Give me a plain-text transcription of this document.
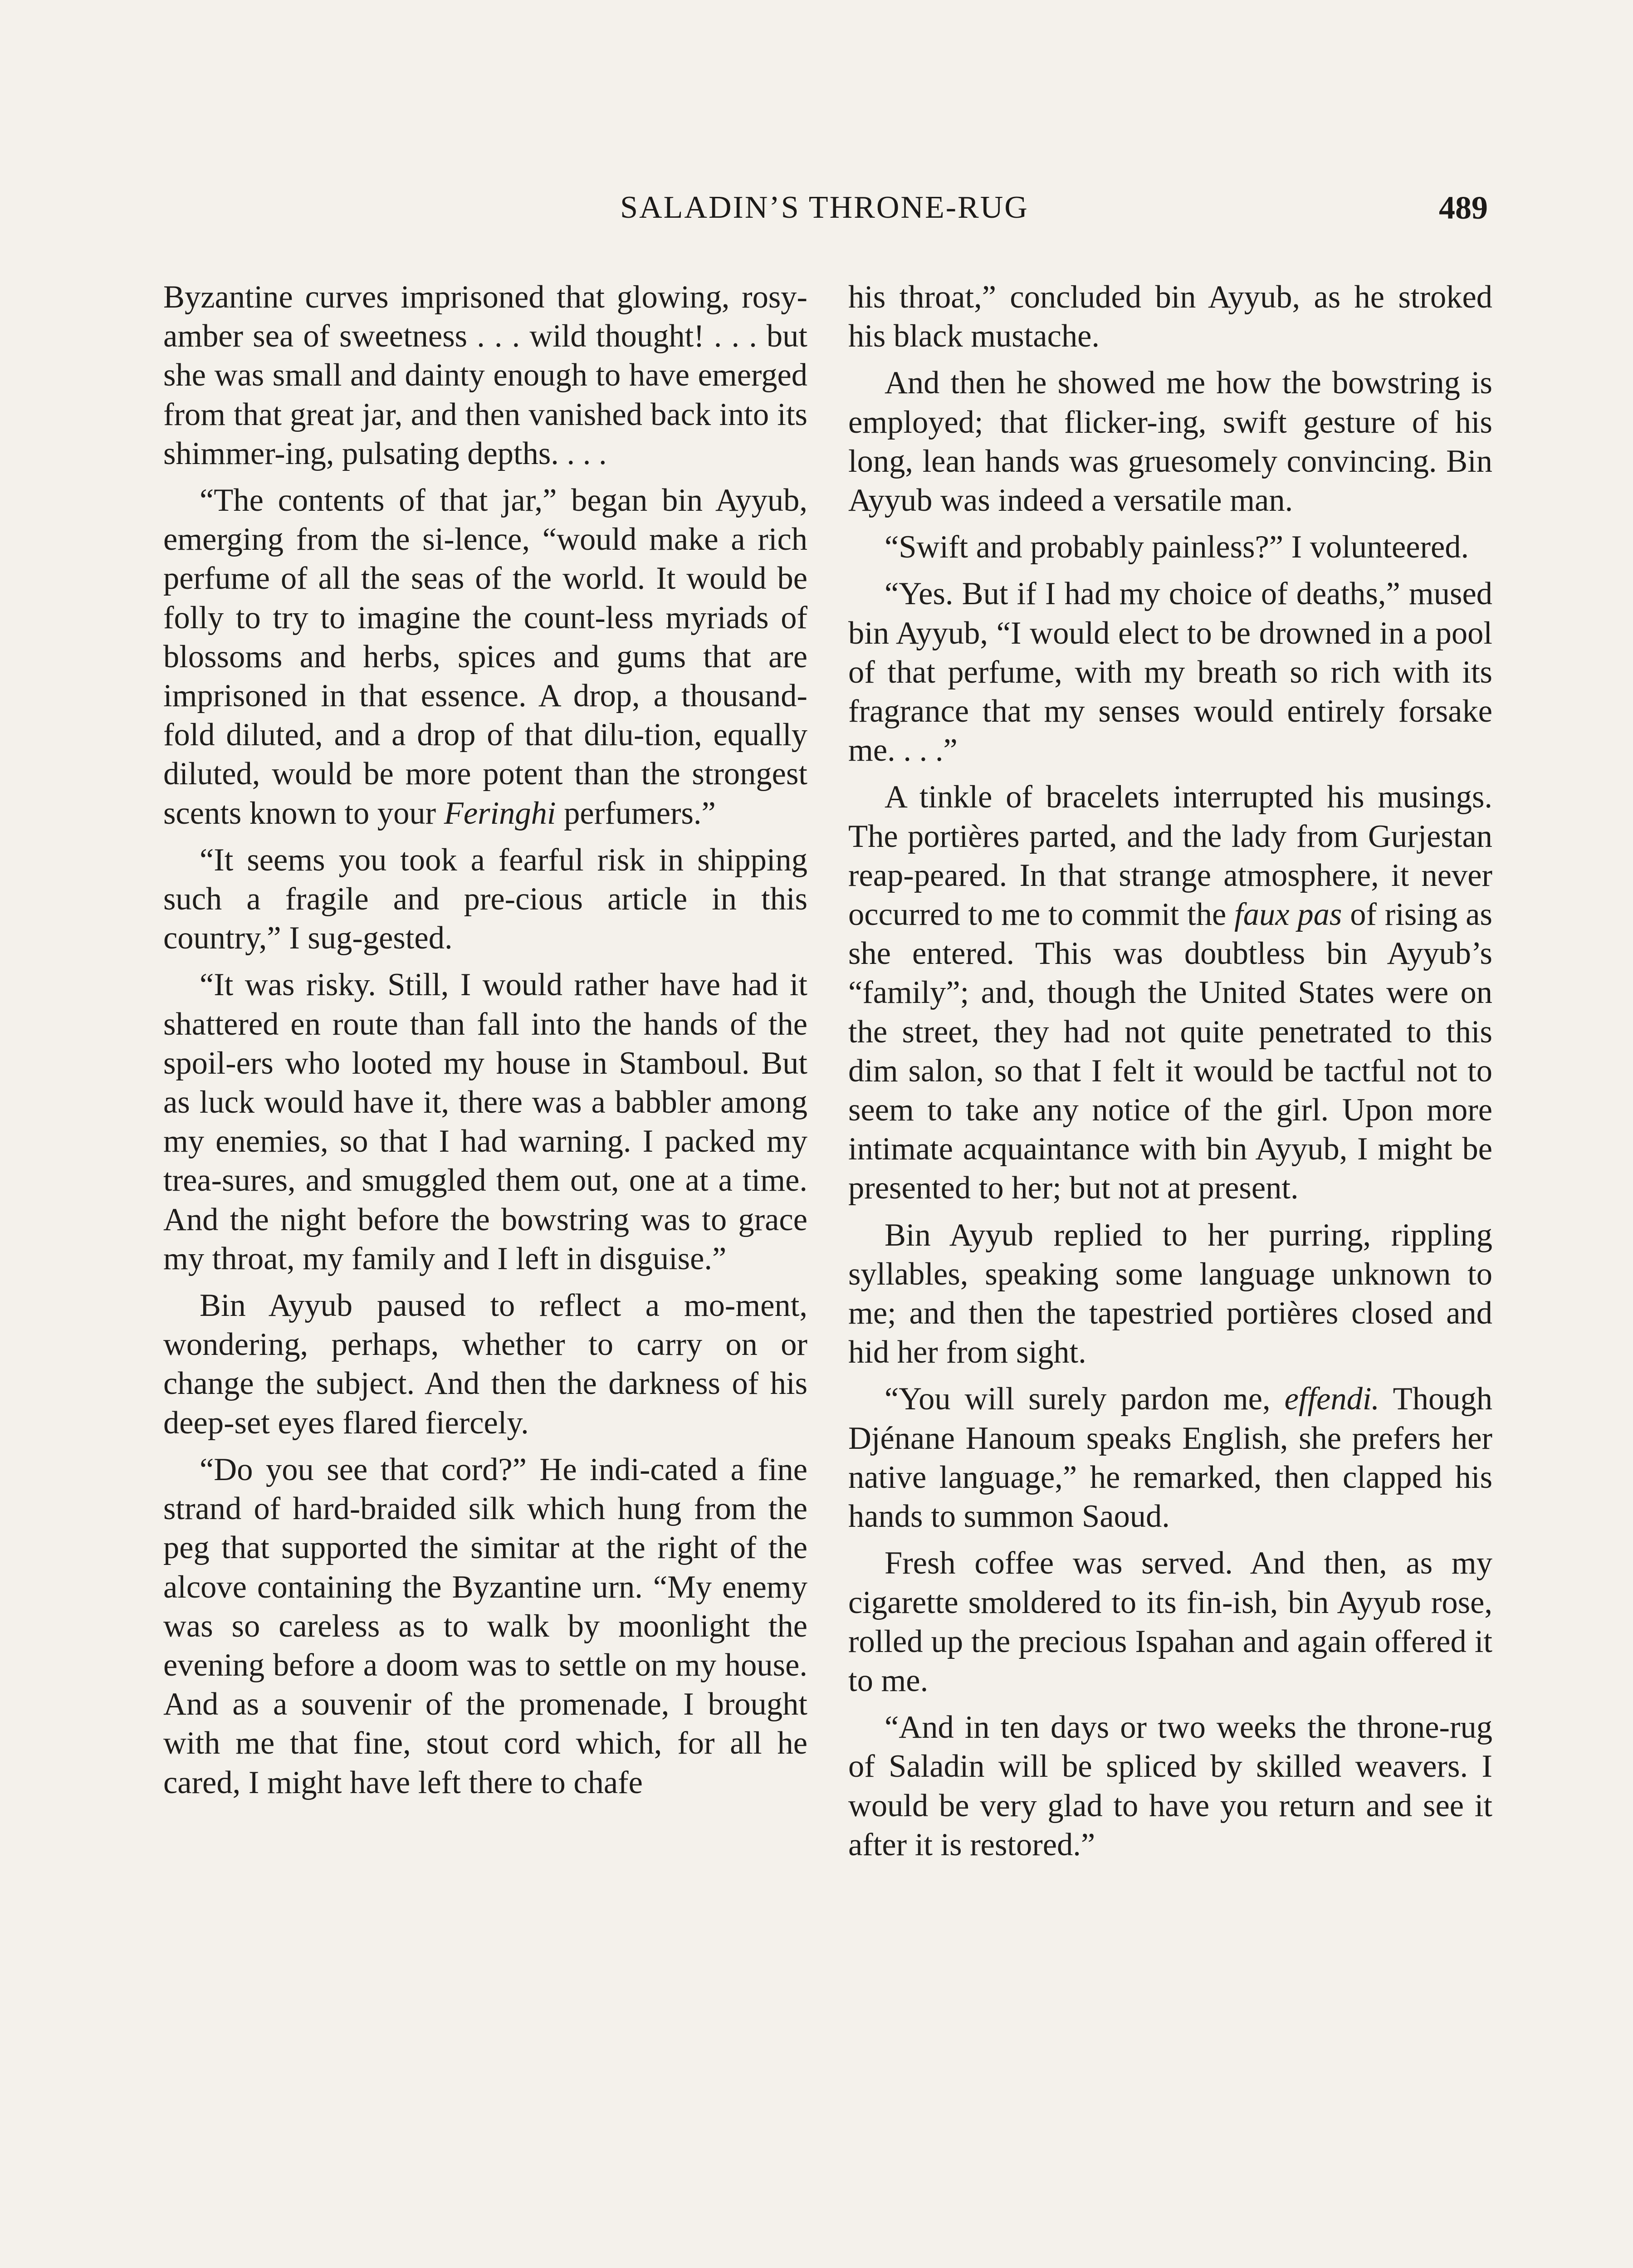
SALADIN’S THRONE-RUG	489

Byzantine curves imprisoned that glowing, rosy-amber sea of sweetness . . . wild thought! . . . but she was small and dainty enough to have emerged from that great jar, and then vanished back into its shimmer-ing, pulsating depths. . . .

“The contents of that jar,” began bin Ayyub, emerging from the si-lence, “would make a rich perfume of all the seas of the world. It would be folly to try to imagine the count-less myriads of blossoms and herbs, spices and gums that are imprisoned in that essence. A drop, a thousand-fold diluted, and a drop of that dilu-tion, equally diluted, would be more potent than the strongest scents known to your Feringhi perfumers.”

“It seems you took a fearful risk in shipping such a fragile and pre-cious article in this country,” I sug-gested.

“It was risky. Still, I would rather have had it shattered en route than fall into the hands of the spoil-ers who looted my house in Stamboul. But as luck would have it, there was a babbler among my enemies, so that I had warning. I packed my trea-sures, and smuggled them out, one at a time. And the night before the bowstring was to grace my throat, my family and I left in disguise.”

Bin Ayyub paused to reflect a mo-ment, wondering, perhaps, whether to carry on or change the subject. And then the darkness of his deep-set eyes flared fiercely.

“Do you see that cord?” He indi-cated a fine strand of hard-braided silk which hung from the peg that supported the simitar at the right of the alcove containing the Byzantine urn. “My enemy was so careless as to walk by moonlight the evening before a doom was to settle on my house. And as a souvenir of the promenade, I brought with me that fine, stout cord which, for all he cared, I might have left there to chafe

his throat,” concluded bin Ayyub, as he stroked his black mustache.

And then he showed me how the bowstring is employed; that flicker-ing, swift gesture of his long, lean hands was gruesomely convincing. Bin Ayyub was indeed a versatile man.

“Swift and probably painless?” I volunteered.

“Yes. But if I had my choice of deaths,” mused bin Ayyub, “I would elect to be drowned in a pool of that perfume, with my breath so rich with its fragrance that my senses would entirely forsake me. . . .”

A tinkle of bracelets interrupted his musings. The portières parted, and the lady from Gurjestan reap-peared. In that strange atmosphere, it never occurred to me to commit the faux pas of rising as she entered. This was doubtless bin Ayyub’s “family”; and, though the United States were on the street, they had not quite penetrated to this dim salon, so that I felt it would be tactful not to seem to take any notice of the girl. Upon more intimate acquaintance with bin Ayyub, I might be presented to her; but not at present.

Bin Ayyub replied to her purring, rippling syllables, speaking some language unknown to me; and then the tapestried portières closed and hid her from sight.

“You will surely pardon me, effendi. Though Djénane Hanoum speaks English, she prefers her native language,” he remarked, then clapped his hands to summon Saoud.

Fresh coffee was served. And then, as my cigarette smoldered to its fin-ish, bin Ayyub rose, rolled up the precious Ispahan and again offered it to me.

“And in ten days or two weeks the throne-rug of Saladin will be spliced by skilled weavers. I would be very glad to have you return and see it after it is restored.”
